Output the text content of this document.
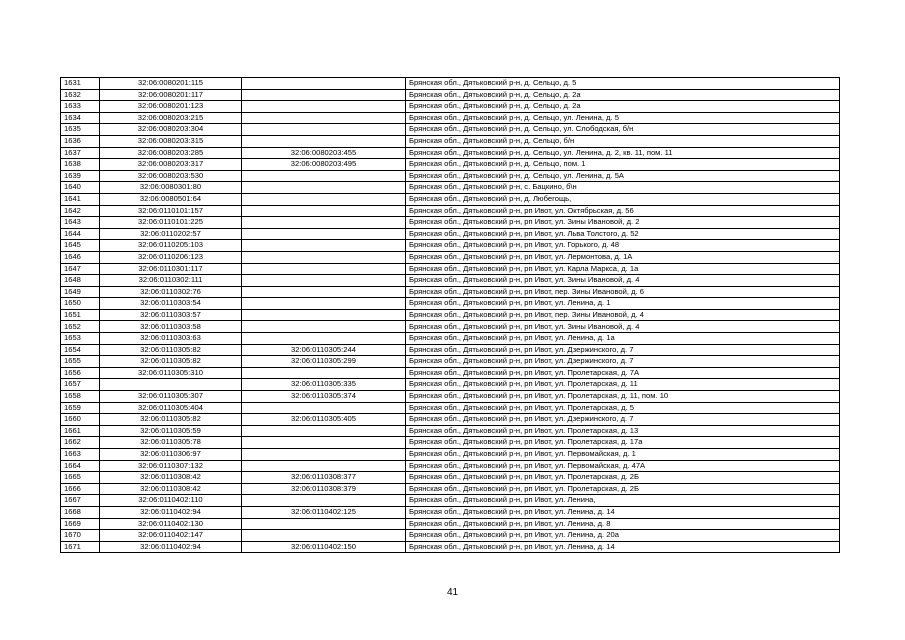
1631	32:06:0080201:115		Брянская обл., Дятьковский р-н, д. Сельцо, д. 5
1632	32:06:0080201:117		Брянская обл., Дятьковский р-н, д. Сельцо, д. 2а
1633	32:06:0080201:123		Брянская обл., Дятьковский р-н, д. Сельцо, д. 2а
1634	32:06:0080203:215		Брянская обл., Дятьковский р-н, д. Сельцо, ул. Ленина, д. 5
1635	32:06:0080203:304		Брянская обл., Дятьковский р-н, д. Сельцо, ул. Слободская, б/н
1636	32:06:0080203:315		Брянская обл., Дятьковский р-н, д. Сельцо, б/н
1637	32:06:0080203:285	32:06:0080203:455	Брянская обл., Дятьковский р-н, д. Сельцо, ул. Ленина, д. 2, кв. 11, пом. 11
1638	32:06:0080203:317	32:06:0080203:495	Брянская обл., Дятьковский р-н, д. Сельцо, пом. 1
1639	32:06:0080203:530		Брянская обл., Дятьковский р-н, д. Сельцо, ул. Ленина, д. 5А
1640	32:06:0080301:80		Брянская обл., Дятьковский р-н, с. Бацкино, б\н
1641	32:06:0080501:64		Брянская обл., Дятьковский р-н, д. Любегощь,
1642	32:06:0110101:157		Брянская обл., Дятьковский р-н, рп Ивот, ул. Октябрьская, д. 56
1643	32:06:0110101:225		Брянская обл., Дятьковский р-н, рп Ивот, ул. Зины Ивановой, д. 2
1644	32:06:0110202:57		Брянская обл., Дятьковский р-н, рп Ивот, ул. Льва Толстого, д. 52
1645	32:06:0110205:103		Брянская обл., Дятьковский р-н, рп Ивот, ул. Горького, д. 48
1646	32:06:0110206:123		Брянская обл., Дятьковский р-н, рп Ивот, ул. Лермонтова, д. 1А
1647	32:06:0110301:117		Брянская обл., Дятьковский р-н, рп Ивот, ул. Карла Маркса, д. 1а
1648	32:06:0110302:111		Брянская обл., Дятьковский р-н, рп Ивот, ул. Зины Ивановой, д. 4
1649	32:06:0110302:76		Брянская обл., Дятьковский р-н, рп Ивот, пер. Зины Ивановой, д. 6
1650	32:06:0110303:54		Брянская обл., Дятьковский р-н, рп Ивот, ул. Ленина, д. 1
1651	32:06:0110303:57		Брянская обл., Дятьковский р-н, рп Ивот, пер. Зины Ивановой, д. 4
1652	32:06:0110303:58		Брянская обл., Дятьковский р-н, рп Ивот, ул. Зины Ивановой, д. 4
1653	32:06:0110303:63		Брянская обл., Дятьковский р-н, рп Ивот, ул. Ленина, д. 1а
1654	32:06:0110305:82	32:06:0110305:244	Брянская обл., Дятьковский р-н, рп Ивот, ул. Дзержинского, д. 7
1655	32:06:0110305:82	32:06:0110305:299	Брянская обл., Дятьковский р-н, рп Ивот, ул. Дзержинского, д. 7
1656	32:06:0110305:310		Брянская обл., Дятьковский р-н, рп Ивот, ул. Пролетарская, д. 7А
1657		32:06:0110305:335	Брянская обл., Дятьковский р-н, рп Ивот, ул. Пролетарская, д. 11
1658	32:06:0110305:307	32:06:0110305:374	Брянская обл., Дятьковский р-н, рп Ивот, ул. Пролетарская, д. 11, пом. 10
1659	32:06:0110305:404		Брянская обл., Дятьковский р-н, рп Ивот, ул. Пролетарская, д. 5
1660	32:06:0110305:82	32:06:0110305:405	Брянская обл., Дятьковский р-н, рп Ивот, ул. Дзержинского, д. 7
1661	32:06:0110305:59		Брянская обл., Дятьковский р-н, рп Ивот, ул. Пролетарская, д. 13
1662	32:06:0110305:78		Брянская обл., Дятьковский р-н, рп Ивот, ул. Пролетарская, д. 17а
1663	32:06:0110306:97		Брянская обл., Дятьковский р-н, рп Ивот, ул. Первомайская, д. 1
1664	32:06:0110307:132		Брянская обл., Дятьковский р-н, рп Ивот, ул. Первомайская, д. 47А
1665	32:06:0110308:42	32:06:0110308:377	Брянская обл., Дятьковский р-н, рп Ивот, ул. Пролетарская, д. 2Б
1666	32:06:0110308:42	32:06:0110308:379	Брянская обл., Дятьковский р-н, рп Ивот, ул. Пролетарская, д. 2Б
1667	32:06:0110402:110		Брянская обл., Дятьковский р-н, рп Ивот, ул. Ленина,
1668	32:06:0110402:94	32:06:0110402:125	Брянская обл., Дятьковский р-н, рп Ивот, ул. Ленина, д. 14
1669	32:06:0110402:130		Брянская обл., Дятьковский р-н, рп Ивот, ул. Ленина, д. 8
1670	32:06:0110402:147		Брянская обл., Дятьковский р-н, рп Ивот, ул. Ленина, д. 20а
1671	32:06:0110402:94	32:06:0110402:150	Брянская обл., Дятьковский р-н, рп Ивот, ул. Ленина, д. 14
41
